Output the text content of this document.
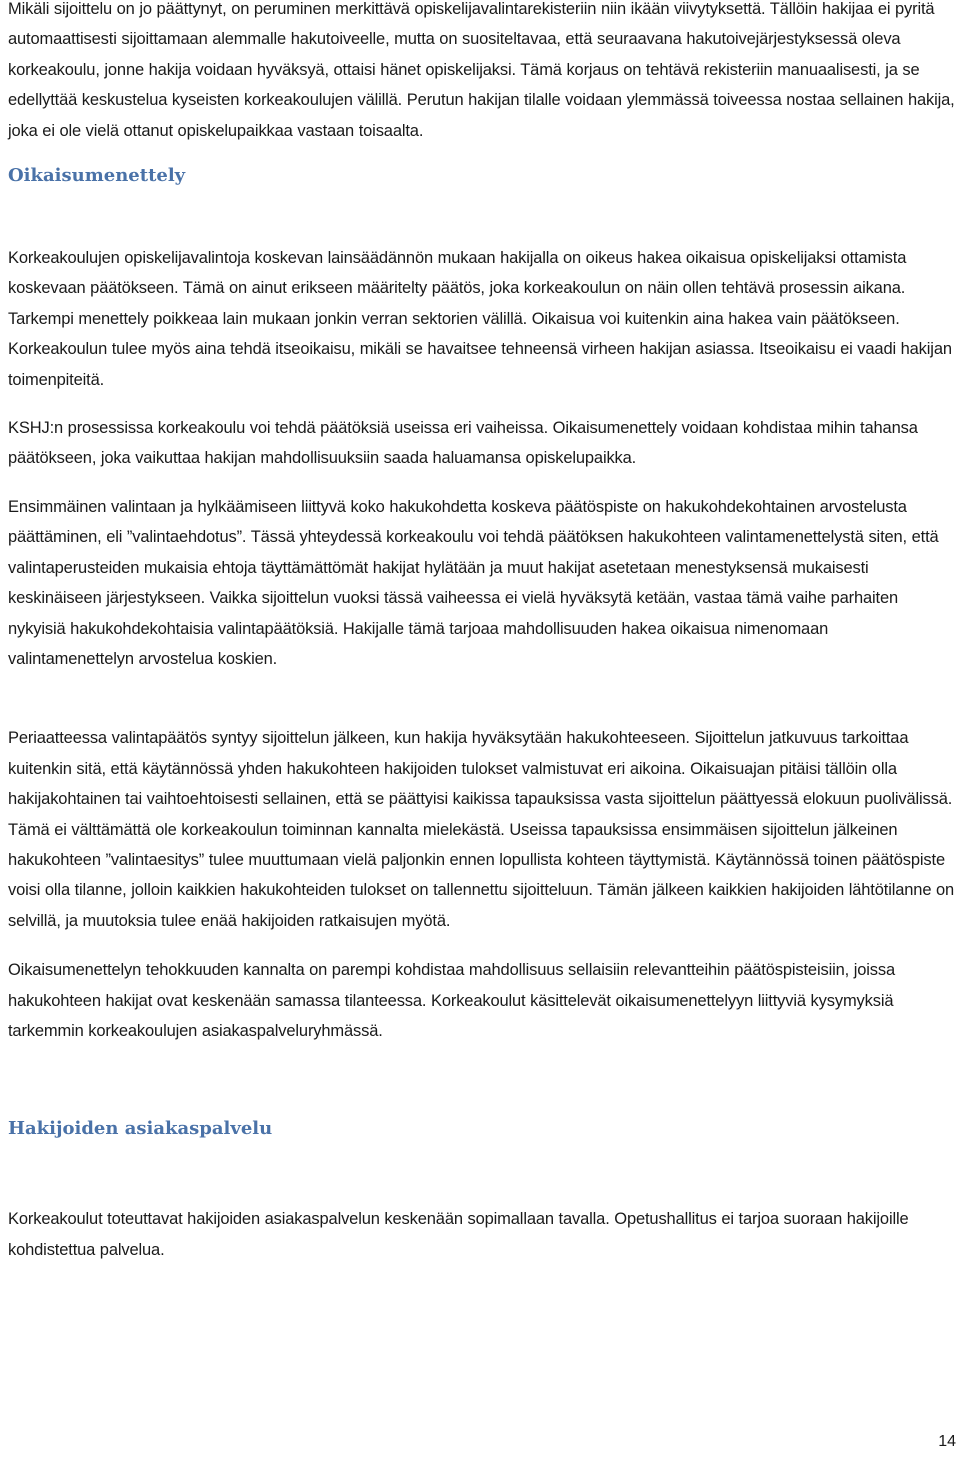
Mikäli sijoittelu on jo päättynyt, on peruminen merkittävä opiskelijavalintarekisteriin niin ikään viivytyksettä. Tällöin hakijaa ei pyritä automaattisesti sijoittamaan alemmalle hakutoiveelle, mutta on suositeltavaa, että seuraavana hakutoivejärjestyksessä oleva korkeakoulu, jonne hakija voidaan hyväksyä, ottaisi hänet opiskelijaksi. Tämä korjaus on tehtävä rekisteriin manuaalisesti, ja se edellyttää keskustelua kyseisten korkeakoulujen välillä. Perutun hakijan tilalle voidaan ylemmässä toiveessa nostaa sellainen hakija, joka ei ole vielä ottanut opiskelupaikkaa vastaan toisaalta.

Oikaisumenettely

Korkeakoulujen opiskelijavalintoja koskevan lainsäädännön mukaan hakijalla on oikeus hakea oikaisua opiskelijaksi ottamista koskevaan päätökseen. Tämä on ainut erikseen määritelty päätös, joka korkeakoulun on näin ollen tehtävä prosessin aikana. Tarkempi menettely poikkeaa lain mukaan jonkin verran sektorien välillä. Oikaisua voi kuitenkin aina hakea vain päätökseen. Korkeakoulun tulee myös aina tehdä itseoikaisu, mikäli se havaitsee tehneensä virheen hakijan asiassa. Itseoikaisu ei vaadi hakijan toimenpiteitä.

KSHJ:n prosessissa korkeakoulu voi tehdä päätöksiä useissa eri vaiheissa. Oikaisumenettely voidaan kohdistaa mihin tahansa päätökseen, joka vaikuttaa hakijan mahdollisuuksiin saada haluamansa opiskelupaikka.

Ensimmäinen valintaan ja hylkäämiseen liittyvä koko hakukohdetta koskeva päätöspiste on hakukohdekohtainen arvostelusta päättäminen, eli ”valintaehdotus”. Tässä yhteydessä korkeakoulu voi tehdä päätöksen hakukohteen valintamenettelystä siten, että valintaperusteiden mukaisia ehtoja täyttämättömät hakijat hylätään ja muut hakijat asetetaan menestyksensä mukaisesti keskinäiseen järjestykseen. Vaikka sijoittelun vuoksi tässä vaiheessa ei vielä hyväksytä ketään, vastaa tämä vaihe parhaiten nykyisiä hakukohdekohtaisia valintapäätöksiä. Hakijalle tämä tarjoaa mahdollisuuden hakea oikaisua nimenomaan valintamenettelyn arvostelua koskien.

Periaatteessa valintapäätös syntyy sijoittelun jälkeen, kun hakija hyväksytään hakukohteeseen. Sijoittelun jatkuvuus tarkoittaa kuitenkin sitä, että käytännössä yhden hakukohteen hakijoiden tulokset valmistuvat eri aikoina. Oikaisuajan pitäisi tällöin olla hakijakohtainen tai vaihtoehtoisesti sellainen, että se päättyisi kaikissa tapauksissa vasta sijoittelun päättyessä elokuun puolivälissä. Tämä ei välttämättä ole korkeakoulun toiminnan kannalta mielekästä. Useissa tapauksissa ensimmäisen sijoittelun jälkeinen hakukohteen ”valintaesitys” tulee muuttumaan vielä paljonkin ennen lopullista kohteen täyttymistä. Käytännössä toinen päätöspiste voisi olla tilanne, jolloin kaikkien hakukohteiden tulokset on tallennettu sijoitteluun. Tämän jälkeen kaikkien hakijoiden lähtötilanne on selvillä, ja muutoksia tulee enää hakijoiden ratkaisujen myötä.

Oikaisumenettelyn tehokkuuden kannalta on parempi kohdistaa mahdollisuus sellaisiin relevantteihin päätöspisteisiin, joissa hakukohteen hakijat ovat keskenään samassa tilanteessa. Korkeakoulut käsittelevät oikaisumenettelyyn liittyviä kysymyksiä tarkemmin korkeakoulujen asiakaspalveluryhmässä.

Hakijoiden asiakaspalvelu

Korkeakoulut toteuttavat hakijoiden asiakaspalvelun keskenään sopimallaan tavalla. Opetushallitus ei tarjoa suoraan hakijoille kohdistettua palvelua.

14
